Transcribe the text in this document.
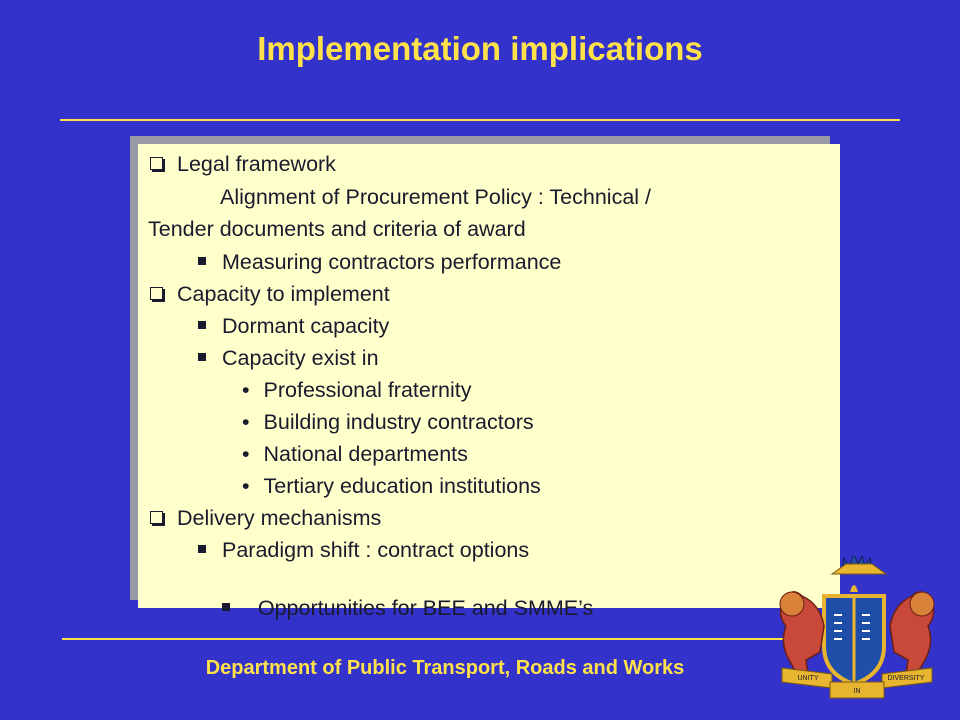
Implementation implications
Legal framework
Alignment of Procurement Policy : Technical /
Tender documents and criteria of award
Measuring contractors performance
Capacity to implement
Dormant capacity
Capacity exist in
• Professional fraternity
• Building industry contractors
• National departments
• Tertiary education institutions
Delivery mechanisms
Paradigm shift : contract options

Opportunities for BEE and SMME’s

Department of Public Transport, Roads and Works	UNITY
IN
DIVERSITY
